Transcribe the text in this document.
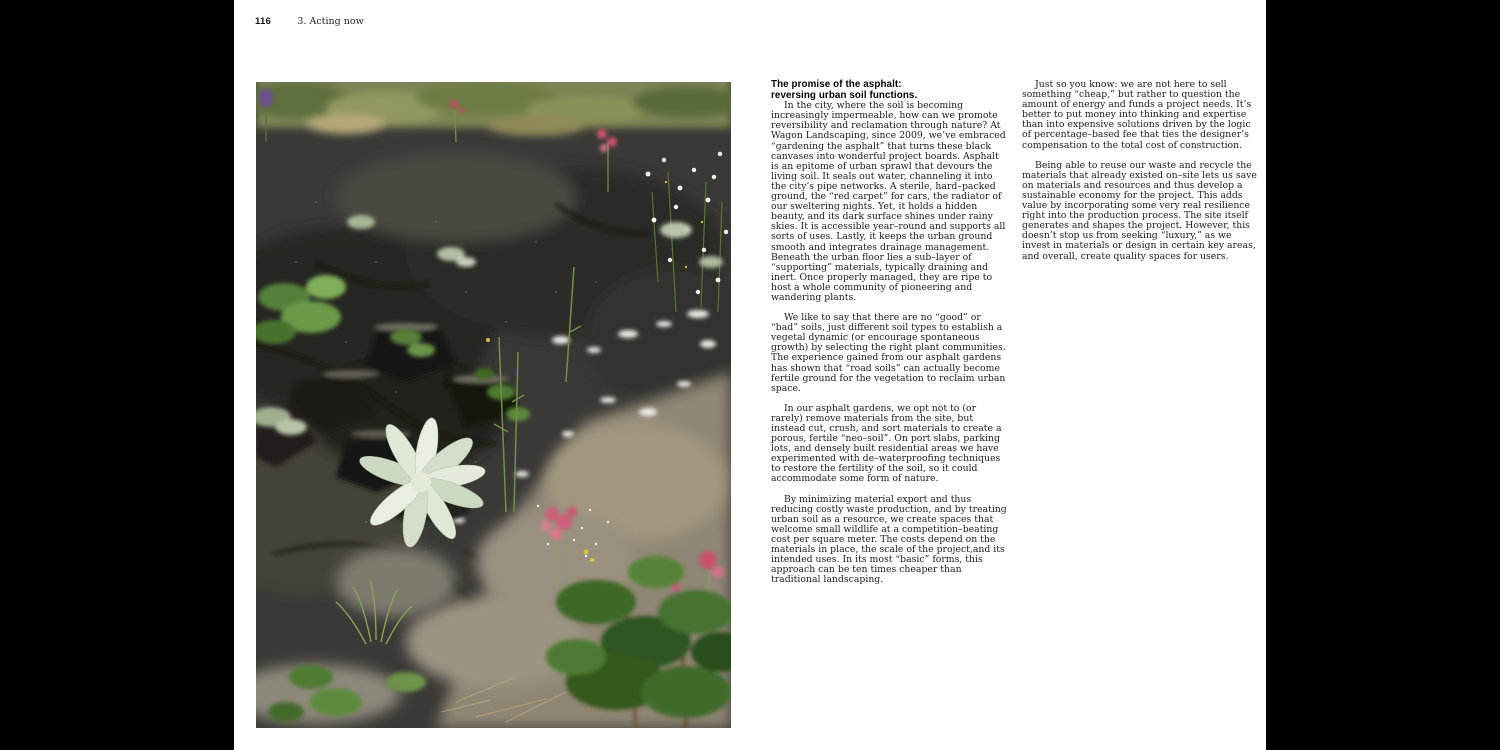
116	3. Acting now
The promise of the asphalt:
reversing urban soil functions.

In the city, where the soil is becoming increasingly impermeable, how can we promote reversibility and reclamation through nature? At Wagon Landscaping, since 2009, we’ve embraced “gardening the asphalt” that turns these black canvases into wonderful project boards. Asphalt is an epitome of urban sprawl that devours the living soil. It seals out water, channeling it into the city’s pipe networks. A sterile, hard–packed ground, the “red carpet” for cars, the radiator of our sweltering nights. Yet, it holds a hidden beauty, and its dark surface shines under rainy skies. It is accessible year–round and supports all sorts of uses. Lastly, it keeps the urban ground smooth and integrates drainage management. Beneath the urban floor lies a sub–layer of “supporting” materials, typically draining and inert. Once properly managed, they are ripe to host a whole community of pioneering and wandering plants.

We like to say that there are no “good” or “bad” soils, just different soil types to establish a vegetal dynamic (or encourage spontaneous growth) by selecting the right plant communities. The experience gained from our asphalt gardens has shown that “road soils” can actually become fertile ground for the vegetation to reclaim urban space.

In our asphalt gardens, we opt not to (or rarely) remove materials from the site, but instead cut, crush, and sort materials to create a porous, fertile “neo–soil”. On port slabs, parking lots, and densely built residential areas we have experimented with de–waterproofing techniques to restore the fertility of the soil, so it could accommodate some form of nature.

By minimizing material export and thus reducing costly waste production, and by treating urban soil as a resource, we create spaces that welcome small wildlife at a competition–beating cost per square meter. The costs depend on the materials in place, the scale of the project,and its intended uses. In its most “basic” forms, this approach can be ten times cheaper than traditional landscaping.

Just so you know: we are not here to sell something “cheap,” but rather to question the amount of energy and funds a project needs. It’s better to put money into thinking and expertise than into expensive solutions driven by the logic of percentage–based fee that ties the designer’s compensation to the total cost of construction.

Being able to reuse our waste and recycle the materials that already existed on–site lets us save on materials and resources and thus develop a sustainable economy for the project. This adds value by incorporating some very real resilience right into the production process. The site itself generates and shapes the project. However, this doesn’t stop us from seeking “luxury,” as we invest in materials or design in certain key areas, and overall, create quality spaces for users.
